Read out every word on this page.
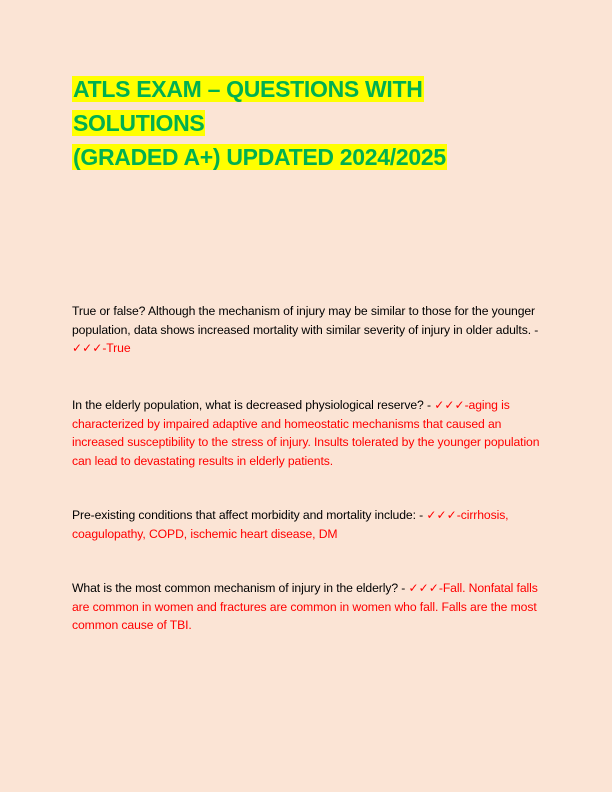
ATLS EXAM – QUESTIONS WITH SOLUTIONS
(GRADED A+) UPDATED 2024/2025

True or false? Although the mechanism of injury may be similar to those for the younger population, data shows increased mortality with similar severity of injury in older adults. - ✓✓✓-True

In the elderly population, what is decreased physiological reserve? - ✓✓✓-aging is characterized by impaired adaptive and homeostatic mechanisms that caused an increased susceptibility to the stress of injury. Insults tolerated by the younger population can lead to devastating results in elderly patients.

Pre-existing conditions that affect morbidity and mortality include: - ✓✓✓-cirrhosis, coagulopathy, COPD, ischemic heart disease, DM

What is the most common mechanism of injury in the elderly? - ✓✓✓-Fall. Nonfatal falls are common in women and fractures are common in women who fall. Falls are the most common cause of TBI.
